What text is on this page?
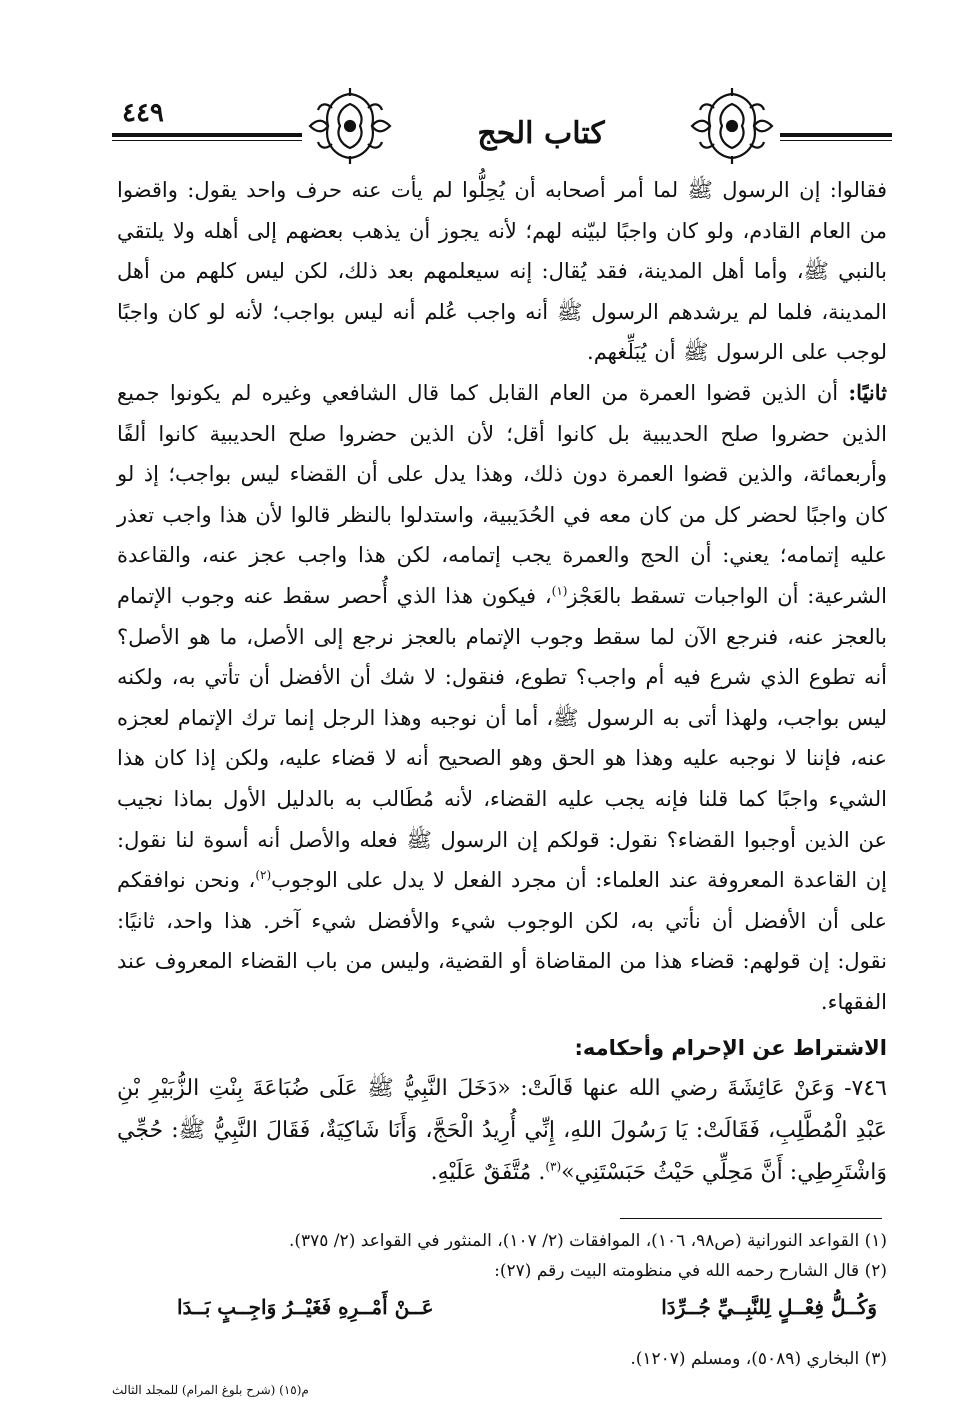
٤٤٩
كتاب الحج

فقالوا: إن الرسول ﷺ لما أمر أصحابه أن يُحِلُّوا لم يأت عنه حرف واحد يقول: واقضوا من العام القادم، ولو كان واجبًا لبيّنه لهم؛ لأنه يجوز أن يذهب بعضهم إلى أهله ولا يلتقي بالنبي ﷺ، وأما أهل المدينة، فقد يُقال: إنه سيعلمهم بعد ذلك، لكن ليس كلهم من أهل المدينة، فلما لم يرشدهم الرسول ﷺ أنه واجب عُلم أنه ليس بواجب؛ لأنه لو كان واجبًا لوجب على الرسول ﷺ أن يُبَلِّغهم.

ثانيًا: أن الذين قضوا العمرة من العام القابل كما قال الشافعي وغيره لم يكونوا جميع الذين حضروا صلح الحديبية بل كانوا أقل؛ لأن الذين حضروا صلح الحديبية كانوا ألفًا وأربعمائة، والذين قضوا العمرة دون ذلك، وهذا يدل على أن القضاء ليس بواجب؛ إذ لو كان واجبًا لحضر كل من كان معه في الحُدَيبية، واستدلوا بالنظر قالوا لأن هذا واجب تعذر عليه إتمامه؛ يعني: أن الحج والعمرة يجب إتمامه، لكن هذا واجب عجز عنه، والقاعدة الشرعية: أن الواجبات تسقط بالعَجْز$^{(١)}$، فيكون هذا الذي أُحصر سقط عنه وجوب الإتمام بالعجز عنه، فنرجع الآن لما سقط وجوب الإتمام بالعجز نرجع إلى الأصل، ما هو الأصل؟ أنه تطوع الذي شرع فيه أم واجب؟ تطوع، فنقول: لا شك أن الأفضل أن تأتي به، ولكنه ليس بواجب، ولهذا أتى به الرسول ﷺ، أما أن نوجبه وهذا الرجل إنما ترك الإتمام لعجزه عنه، فإننا لا نوجبه عليه وهذا هو الحق وهو الصحيح أنه لا قضاء عليه، ولكن إذا كان هذا الشيء واجبًا كما قلنا فإنه يجب عليه القضاء، لأنه مُطَالب به بالدليل الأول بماذا نجيب عن الذين أوجبوا القضاء؟ نقول: قولكم إن الرسول ﷺ فعله والأصل أنه أسوة لنا نقول: إن القاعدة المعروفة عند العلماء: أن مجرد الفعل لا يدل على الوجوب$^{(٢)}$، ونحن نوافقكم على أن الأفضل أن نأتي به، لكن الوجوب شيء والأفضل شيء آخر. هذا واحد، ثانيًا: نقول: إن قولهم: قضاء هذا من المقاضاة أو القضية، وليس من باب القضاء المعروف عند الفقهاء.

الاشتراط عن الإحرام وأحكامه:

٧٤٦- وَعَنْ عَائِشَةَ رضي الله عنها قَالَتْ: «دَخَلَ النَّبِيُّ ﷺ عَلَى ضُبَاعَةَ بِنْتِ الزُّبَيْرِ بْنِ عَبْدِ الْمُطَّلِبِ، فَقَالَتْ: يَا رَسُولَ اللهِ، إِنِّي أُرِيدُ الْحَجَّ، وَأَنَا شَاكِيَةٌ، فَقَالَ النَّبِيُّ ﷺ: حُجِّي وَاشْتَرِطِي: أَنَّ مَحِلِّي حَيْثُ حَبَسْتَنِي»$^{(٣)}$. مُتَّفَقٌ عَلَيْهِ.

(١) القواعد النورانية (ص٩٨، ١٠٦)، الموافقات (٢/ ١٠٧)، المنثور في القواعد (٢/ ٣٧٥).

(٢) قال الشارح رحمه الله في منظومته البيت رقم (٢٧):

وَكُــلُّ فِعْــلٍ لِلنَّبِــيِّ جُــرِّدَا
عَــنْ أَمْــرِهِ فَغَيْــرُ وَاجِــبٍ بَــدَا

(٣) البخاري (٥٠٨٩)، ومسلم (١٢٠٧).

م(١٥) (شرح بلوغ المرام) للمجلد الثالث
